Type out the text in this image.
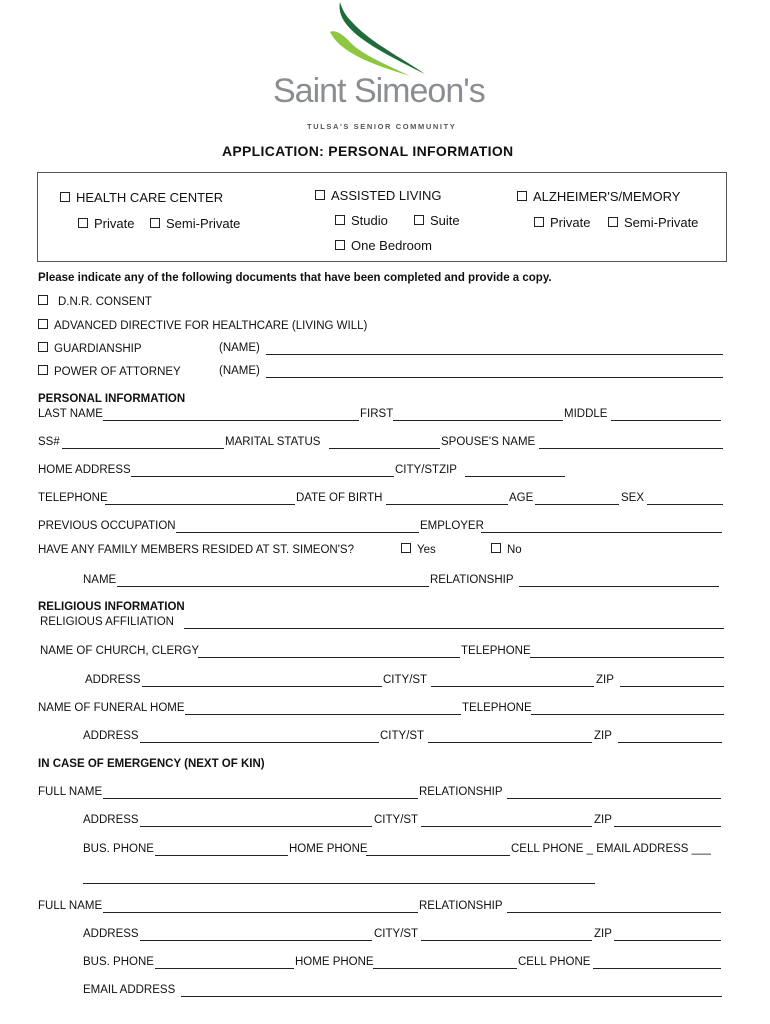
Saint Simeon's
TULSA'S SENIOR COMMUNITY
APPLICATION: PERSONAL INFORMATION
HEALTH CARE CENTER
Private	Semi-Private
ASSISTED LIVING
Studio	Suite
One Bedroom
ALZHEIMER'S/MEMORY
Private	Semi-Private
Please indicate any of the following documents that have been completed and provide a copy.
D.N.R. CONSENT
ADVANCED DIRECTIVE FOR HEALTHCARE (LIVING WILL)
GUARDIANSHIP	(NAME)
POWER OF ATTORNEY	(NAME)
PERSONAL INFORMATION
LAST NAME	FIRST	MIDDLE
SS#	MARITAL STATUS	SPOUSE'S NAME
HOME ADDRESS	CITY/STZIP
TELEPHONE	DATE OF BIRTH	AGE	SEX
PREVIOUS OCCUPATION	EMPLOYER
HAVE ANY FAMILY MEMBERS RESIDED AT ST. SIMEON'S?	Yes	No
NAME	RELATIONSHIP
RELIGIOUS INFORMATION
RELIGIOUS AFFILIATION
NAME OF CHURCH, CLERGY	TELEPHONE
ADDRESS	CITY/ST	ZIP
NAME OF FUNERAL HOME	TELEPHONE
ADDRESS	CITY/ST	ZIP
IN CASE OF EMERGENCY (NEXT OF KIN)
FULL NAME	RELATIONSHIP
ADDRESS	CITY/ST	ZIP
BUS. PHONE	HOME PHONE	CELL PHONE _ EMAIL ADDRESS ___
FULL NAME	RELATIONSHIP
ADDRESS	CITY/ST	ZIP
BUS. PHONE	HOME PHONE	CELL PHONE
EMAIL ADDRESS
